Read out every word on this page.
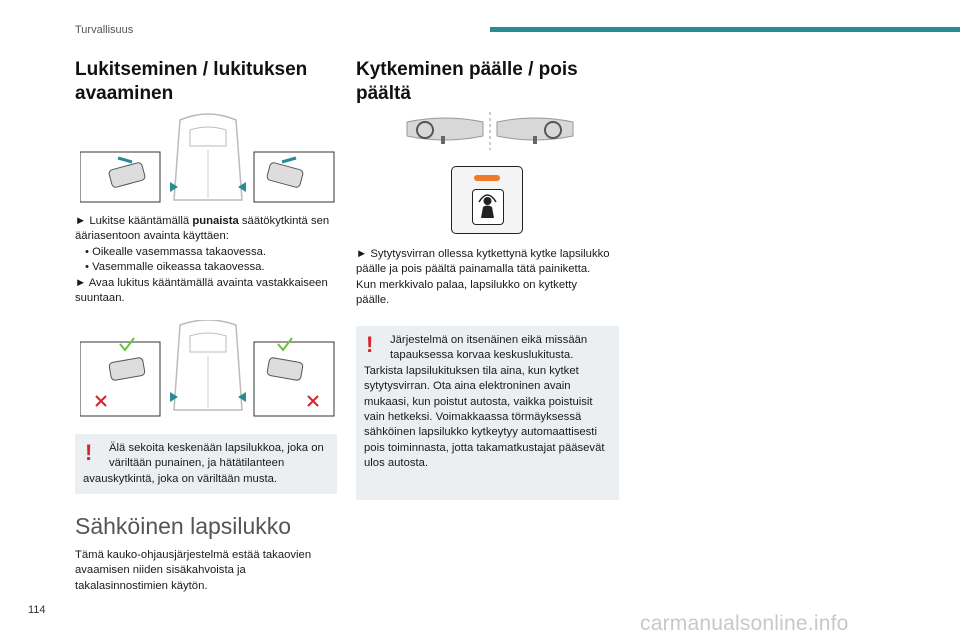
Turvallisuus
Lukitseminen / lukituksen avaaminen
► Lukitse kääntämällä punaista säätökytkintä sen ääriasentoon avainta käyttäen:
• Oikealle vasemmassa takaovessa.
• Vasemmalle oikeassa takaovessa.
► Avaa lukitus kääntämällä avainta vastakkaiseen suuntaan.
!	Älä sekoita keskenään lapsilukkoa, joka on väriltään punainen, ja hätätilanteen
avauskytkintä, joka on väriltään musta.
Sähköinen lapsilukko
Tämä kauko-ohjausjärjestelmä estää takaovien avaamisen niiden sisäkahvoista ja takalasinnostimien käytön.
Kytkeminen päälle / pois päältä
► Sytytysvirran ollessa kytkettynä kytke lapsilukko päälle ja pois päältä painamalla tätä painiketta.
Kun merkkivalo palaa, lapsilukko on kytketty päälle.
!	Järjestelmä on itsenäinen eikä missään tapauksessa korvaa keskuslukitusta.
Tarkista lapsilukituksen tila aina, kun kytket sytytysvirran. Ota aina elektroninen avain mukaasi, kun poistut autosta, vaikka poistuisit vain hetkeksi. Voimakkaassa törmäyksessä sähköinen lapsilukko kytkeytyy automaattisesti pois toiminnasta, jotta takamatkustajat pääsevät ulos autosta.
114
carmanualsonline.info
